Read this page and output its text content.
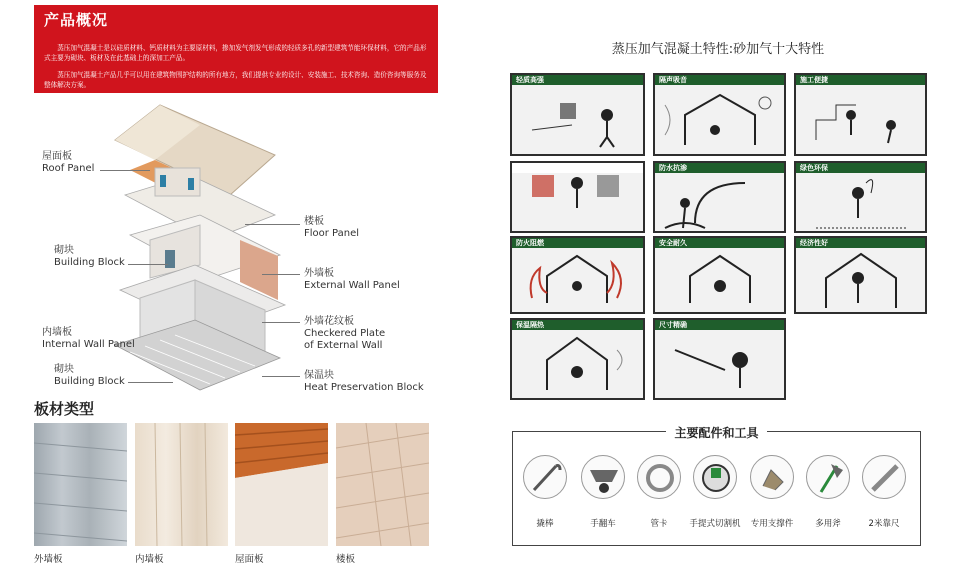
产品概况

蒸压加气混凝土是以硅质材料、钙质材料为主要原材料，掺加发气剂发气形成的轻质多孔的新型建筑节能环保材料，它的产品形式主要为砌块、板材及在此基础上的深加工产品。

蒸压加气混凝土产品几乎可以用在建筑物围护结构的所有地方，我们提供专业的设计、安装施工、技术咨询、造价咨询等服务及整体解决方案。

屋面板
Roof Panel
砌块
Building Block
内墙板
Internal Wall Panel
砌块
Building Block
楼板
Floor Panel
外墙板
External Wall Panel
外墙花纹板
Checkered Plate
of External Wall
保温块
Heat Preservation Block
板材类型
外墙板	内墙板	屋面板	楼板
蒸压加气混凝土特性:砂加气十大特性
轻质高强	隔声吸音	施工便捷
防水抗渗	绿色环保
防火阻燃	安全耐久	经济性好
保温隔热	尺寸精确
主要配件和工具
撬棒	手翻车	管卡	手提式切割机	专用支撑件	多用斧	2米靠尺
